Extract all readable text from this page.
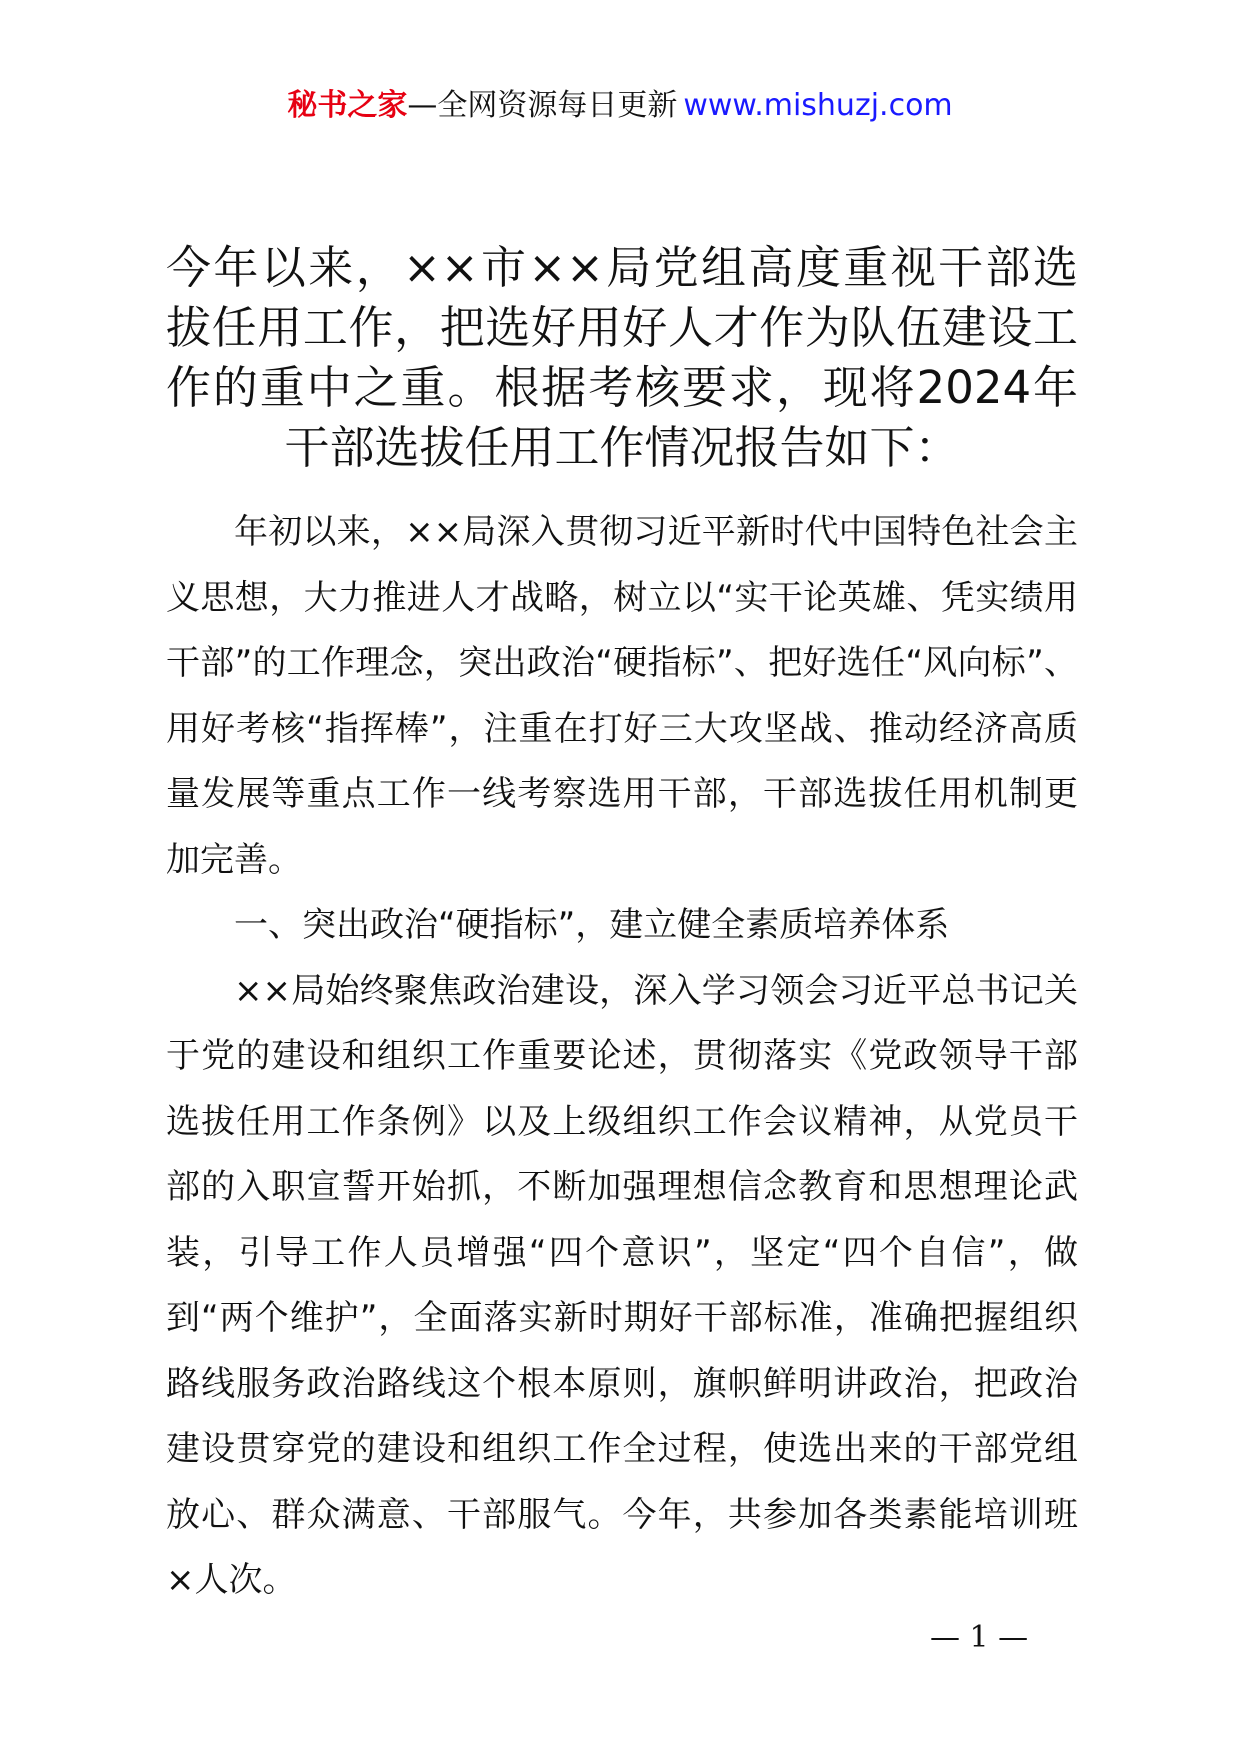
秘书之家—全网资源每日更新 www.mishuzj.com

今年以来，××市××局党组高度重视干部选拔任用工作，把选好用好人才作为队伍建设工作的重中之重。根据考核要求，现将2024年干部选拔任用工作情况报告如下：

年初以来，××局深入贯彻习近平新时代中国特色社会主义思想，大力推进人才战略，树立以“实干论英雄、凭实绩用干部”的工作理念，突出政治“硬指标”、把好选任“风向标”、用好考核“指挥棒”，注重在打好三大攻坚战、推动经济高质量发展等重点工作一线考察选用干部，干部选拔任用机制更加完善。

一、突出政治“硬指标”，建立健全素质培养体系

××局始终聚焦政治建设，深入学习领会习近平总书记关于党的建设和组织工作重要论述，贯彻落实《党政领导干部选拔任用工作条例》以及上级组织工作会议精神，从党员干部的入职宣誓开始抓，不断加强理想信念教育和思想理论武装，引导工作人员增强“四个意识”，坚定“四个自信”，做到“两个维护”，全面落实新时期好干部标准，准确把握组织路线服务政治路线这个根本原则，旗帜鲜明讲政治，把政治建设贯穿党的建设和组织工作全过程，使选出来的干部党组放心、群众满意、干部服气。今年，共参加各类素能培训班×人次。

— 1 —
